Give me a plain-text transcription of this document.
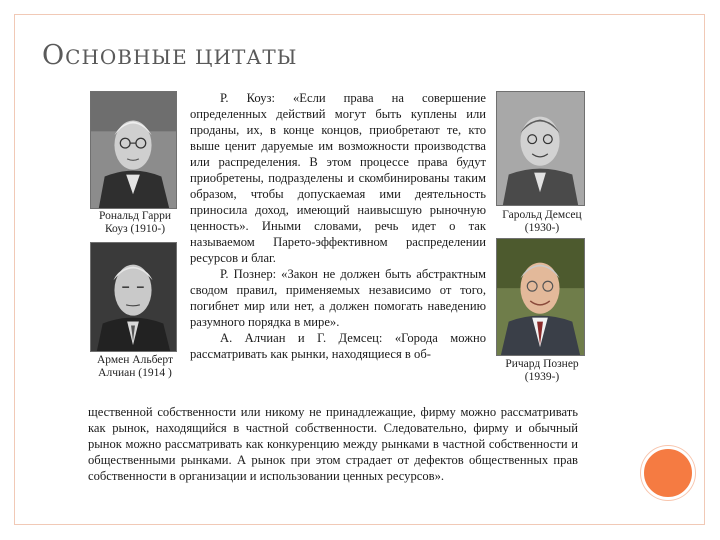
ОСНОВНЫЕ ЦИТАТЫ
Рональд Гарри
Коуз (1910-)
Армен Альберт
Алчиан (1914 )
Гарольд Демсец
(1930-)
Ричард Познер
(1939-)

Р. Коуз: «Если права на совершение определенных действий могут быть куплены или проданы, их, в конце концов, приобретают те, кто выше ценит даруемые им возможности производства или распределения. В этом процессе права будут приобретены, подразделены и скомбинированы таким образом, чтобы допускаемая ими деятельность приносила доход, имеющий наивысшую рыночную ценность». Иными словами, речь идет о так называемом Парето-эффективном распределении ресурсов и благ.

Р. Познер: «Закон не должен быть абстрактным сводом правил, применяемых независимо от того, погибнет мир или нет, а должен помогать наведению разумного порядка в мире».

А. Алчиан и Г. Демсец: «Города можно рассматривать как рынки, находящиеся в об-

щественной собственности или никому не принадлежащие, фирму можно рассматривать как рынок, находящийся в частной собственности. Следовательно, фирму и обычный рынок можно рассматривать как конкуренцию между рынками в частной собственности и общественными рынками. А рынок при этом страдает от дефектов общественных прав собственности в организации и использовании ценных ресурсов».
